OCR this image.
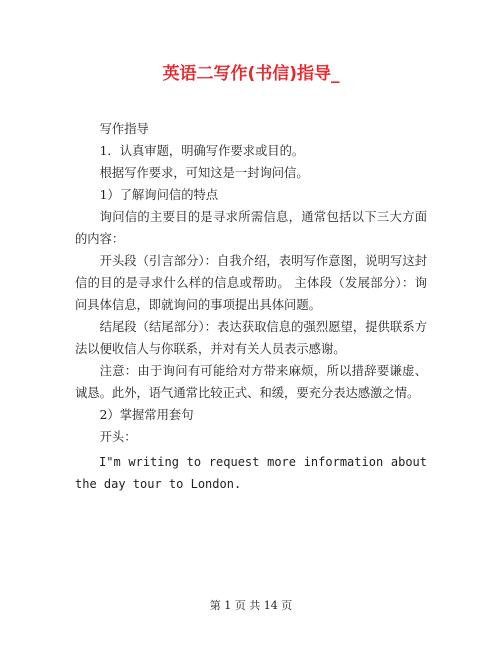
英语二写作(书信)指导_

写作指导

1．认真审题，明确写作要求或目的。

根据写作要求，可知这是一封询问信。

1）了解询问信的特点

询问信的主要目的是寻求所需信息，通常包括以下三大方面的内容：

开头段（引言部分）：自我介绍，表明写作意图，说明写这封信的目的是寻求什么样的信息或帮助。 主体段（发展部分）：询问具体信息，即就询问的事项提出具体问题。

结尾段（结尾部分）：表达获取信息的强烈愿望，提供联系方法以便收信人与你联系，并对有关人员表示感谢。

注意：由于询问有可能给对方带来麻烦，所以措辞要谦虚、诚恳。此外，语气通常比较正式、和缓，要充分表达感激之情。

2）掌握常用套句

开头：

I"m writing to request more information about the day tour to London.

第 1 页 共 14 页
